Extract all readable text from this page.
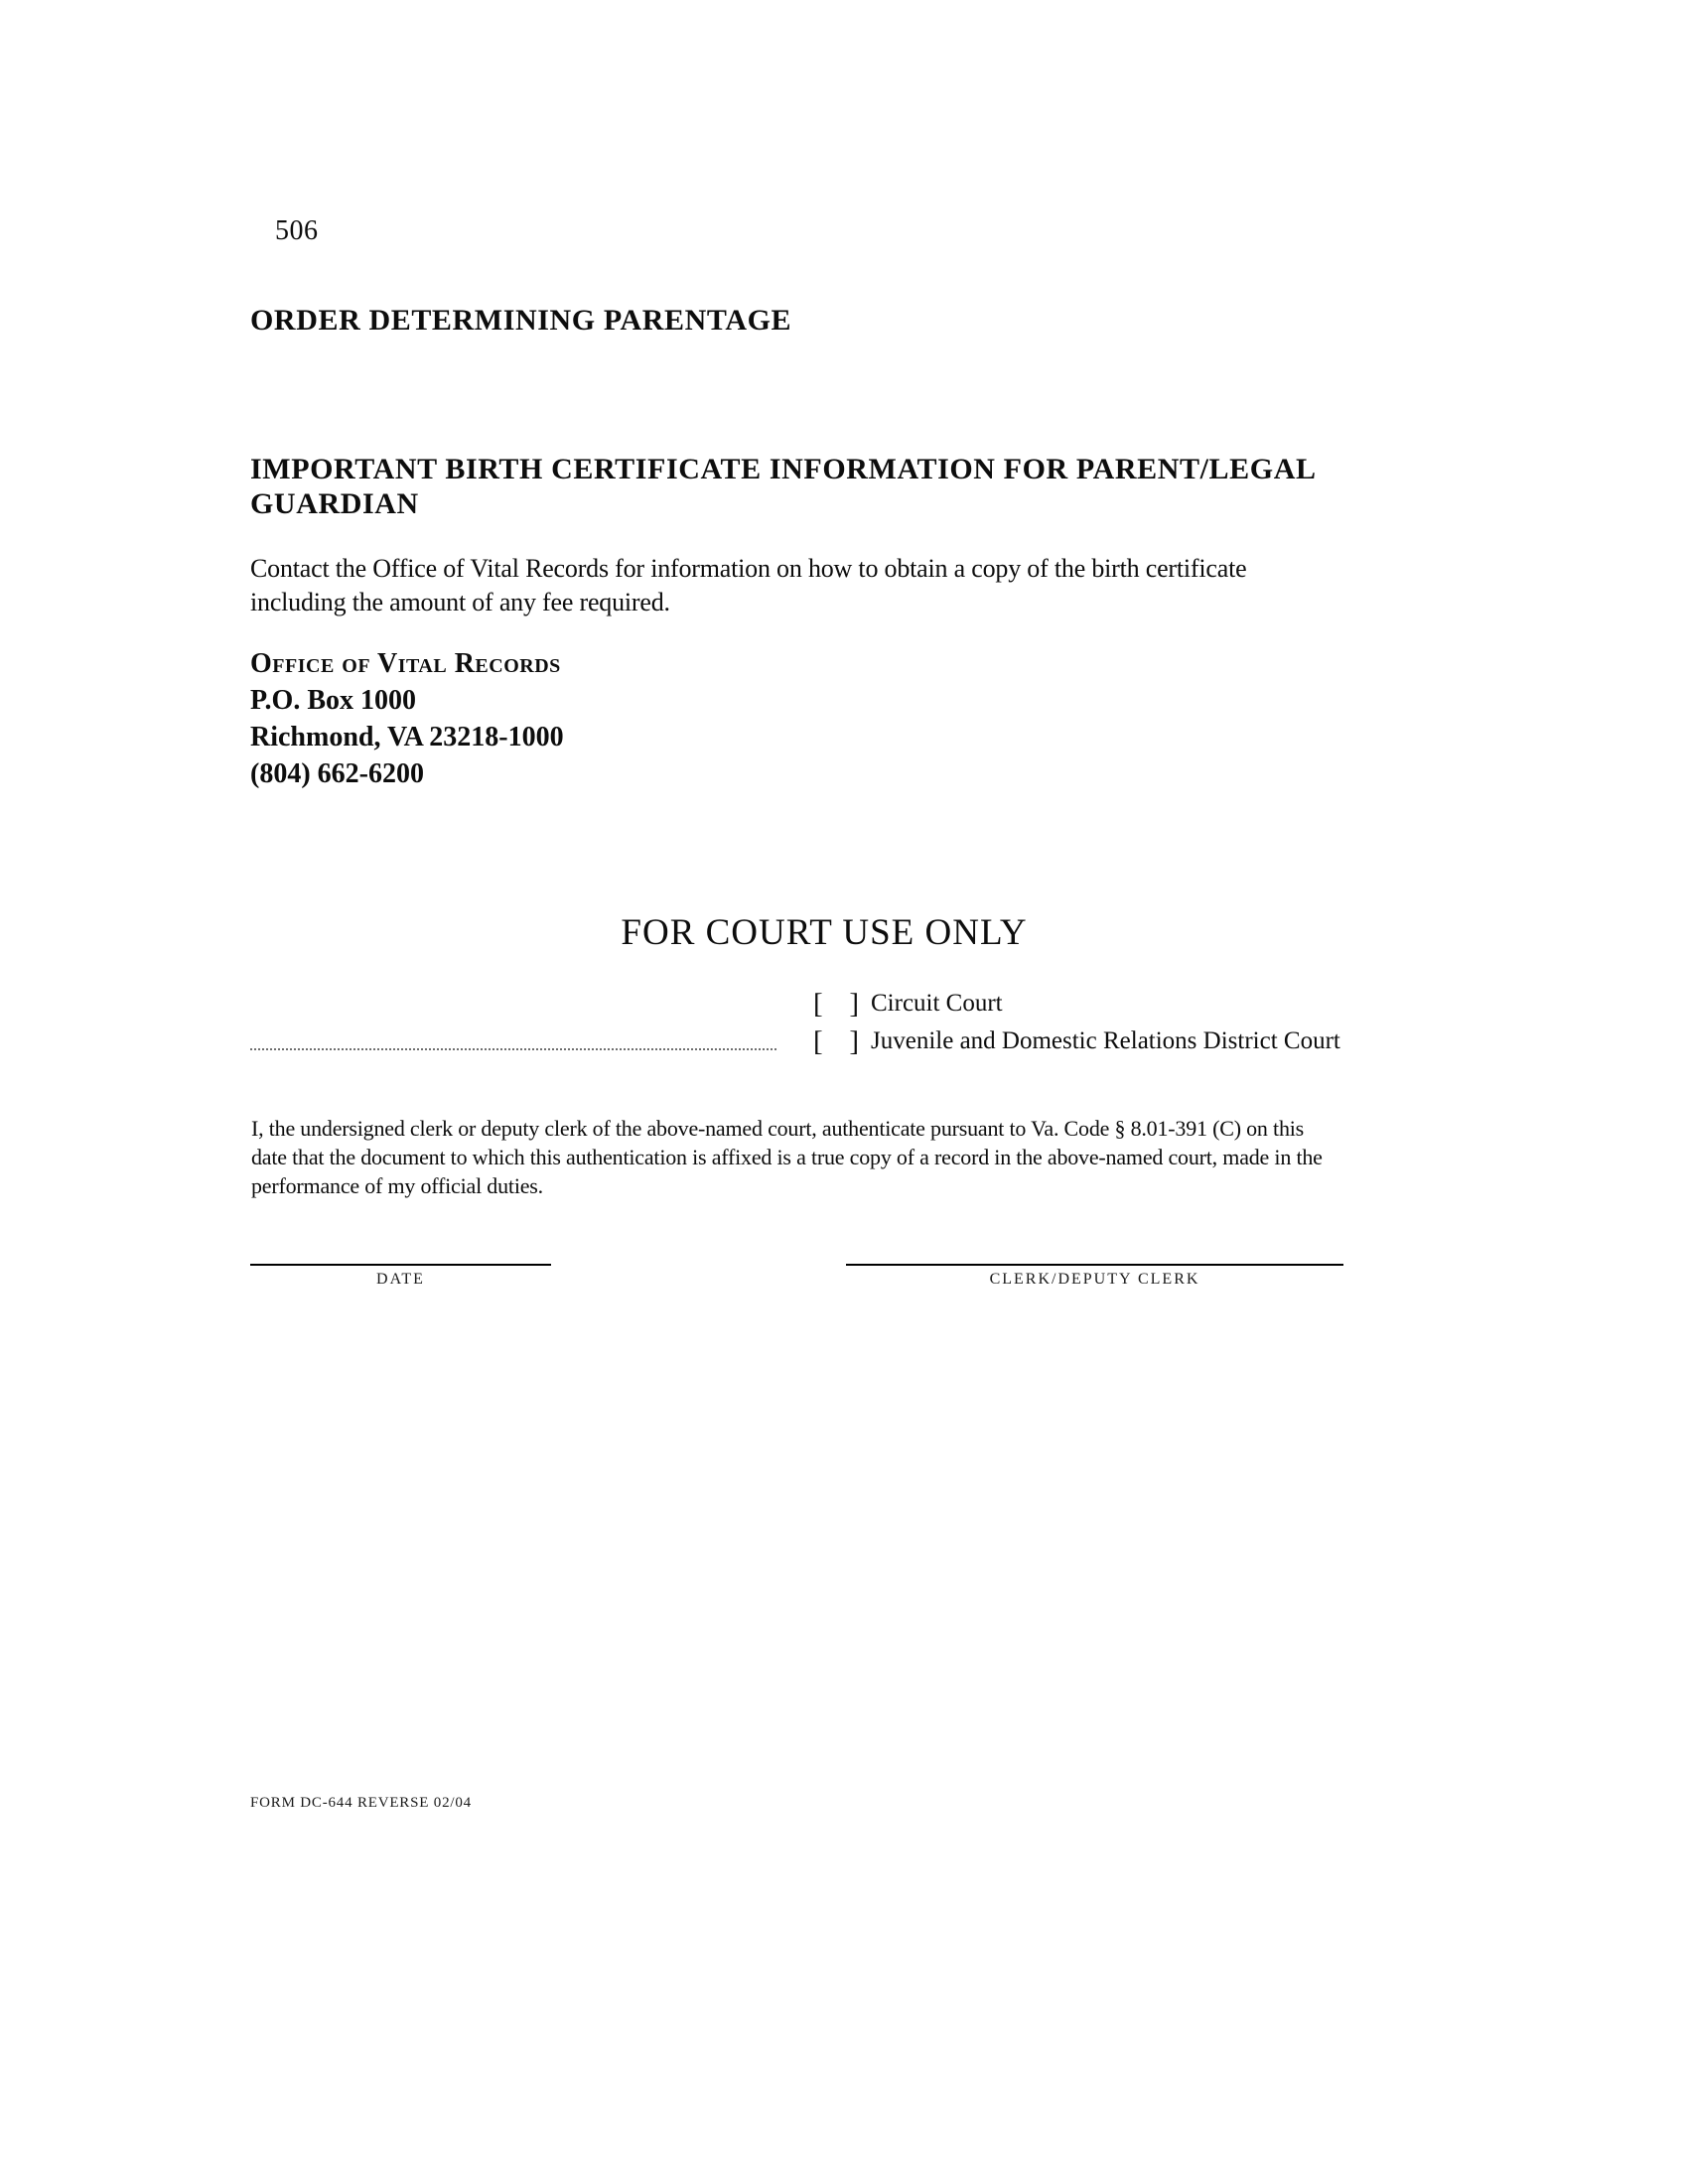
506
ORDER DETERMINING PARENTAGE
IMPORTANT BIRTH CERTIFICATE INFORMATION FOR PARENT/LEGAL
GUARDIAN
Contact the Office of Vital Records for information on how to obtain a copy of the birth certificate
including the amount of any fee required.
Office of Vital Records
P.O. Box 1000
Richmond, VA 23218-1000
(804) 662-6200
FOR COURT USE ONLY
[ ] Circuit Court
[ ] Juvenile and Domestic Relations District Court
I, the undersigned clerk or deputy clerk of the above-named court, authenticate pursuant to Va. Code § 8.01-391 (C) on this
date that the document to which this authentication is affixed is a true copy of a record in the above-named court, made in the
performance of my official duties.
DATE	CLERK/DEPUTY CLERK
FORM DC-644 REVERSE 02/04
